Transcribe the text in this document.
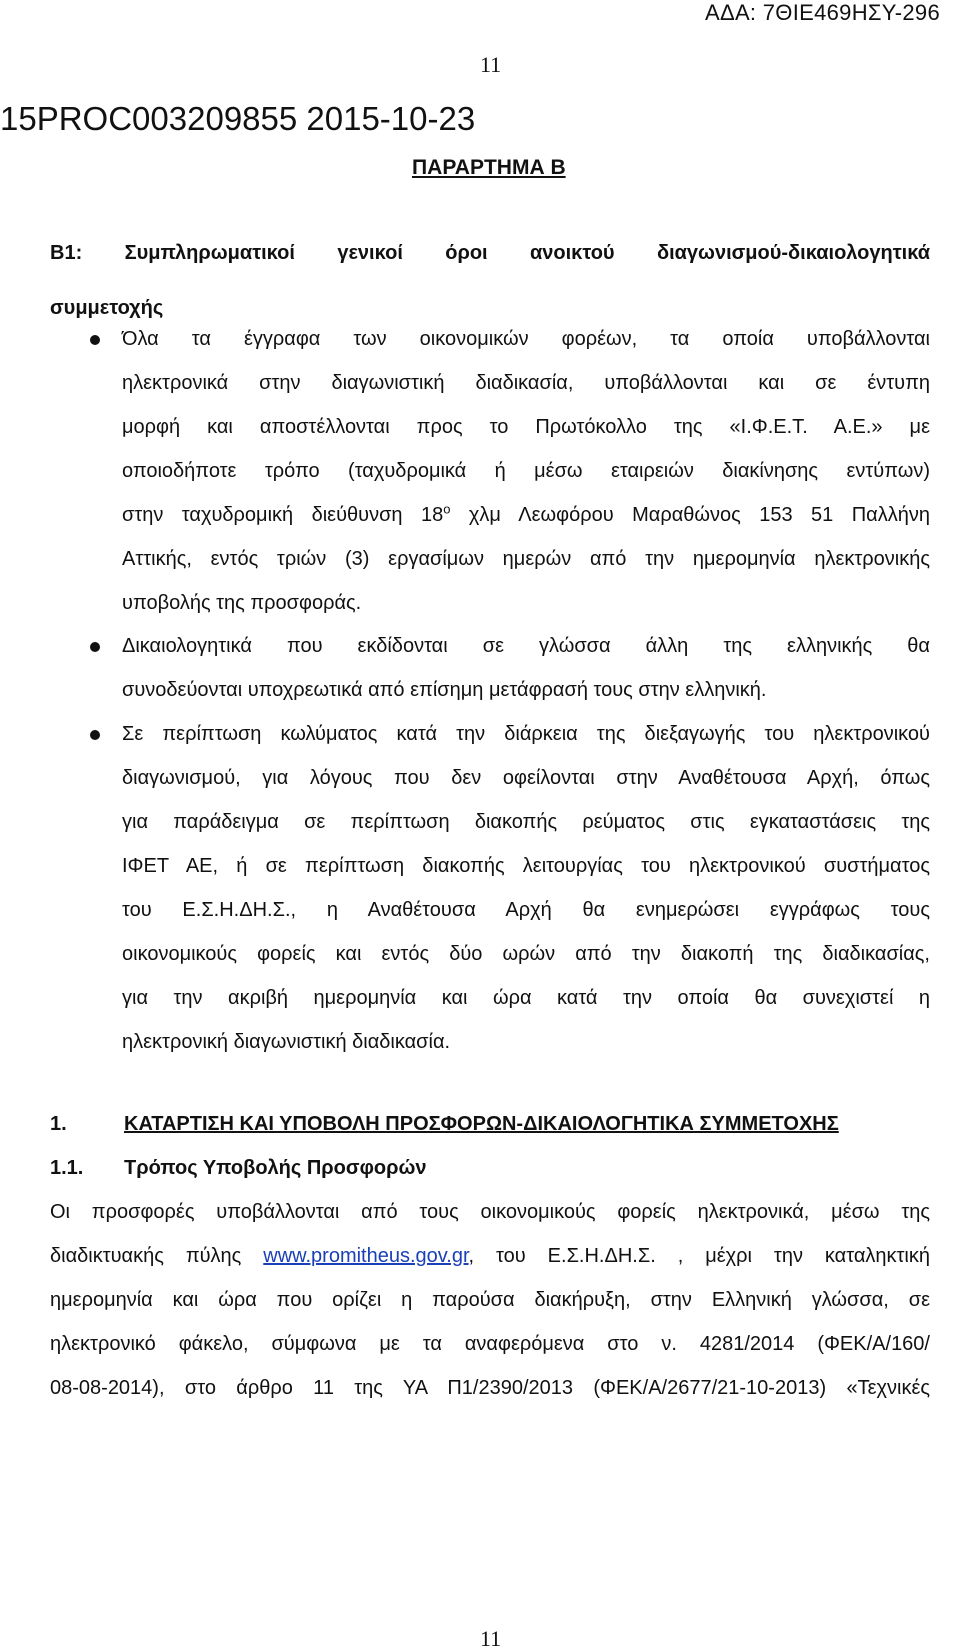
ΑΔΑ: 7ΘΙΕ469ΗΣΥ-296
11
15PROC003209855 2015-10-23
ΠΑΡΑΡΤΗΜΑ Β
Β1: Συμπληρωματικοί γενικοί όροι ανοικτού διαγωνισμού-δικαιολογητικά
συμμετοχής
Όλα τα έγγραφα των οικονομικών φορέων, τα οποία υποβάλλονται
ηλεκτρονικά στην διαγωνιστική διαδικασία, υποβάλλονται και σε έντυπη
μορφή και αποστέλλονται προς το Πρωτόκολλο της «Ι.Φ.Ε.Τ. Α.Ε.» με
οποιοδήποτε τρόπο (ταχυδρομικά ή μέσω εταιρειών διακίνησης εντύπων)
στην ταχυδρομική διεύθυνση $18^o$ χλμ Λεωφόρου Μαραθώνος 153 51 Παλλήνη
Αττικής, εντός τριών (3) εργασίμων ημερών από την ημερομηνία ηλεκτρονικής
υποβολής της προσφοράς.
Δικαιολογητικά που εκδίδονται σε γλώσσα άλλη της ελληνικής θα
συνοδεύονται υποχρεωτικά από επίσημη μετάφρασή τους στην ελληνική.
Σε περίπτωση κωλύματος κατά την διάρκεια της διεξαγωγής του ηλεκτρονικού
διαγωνισμού, για λόγους που δεν οφείλονται στην Αναθέτουσα Αρχή, όπως
για παράδειγμα σε περίπτωση διακοπής ρεύματος στις εγκαταστάσεις της
ΙΦΕΤ ΑΕ, ή σε περίπτωση διακοπής λειτουργίας του ηλεκτρονικού συστήματος
του Ε.Σ.Η.ΔΗ.Σ., η Αναθέτουσα Αρχή θα ενημερώσει εγγράφως τους
οικονομικούς φορείς και εντός δύο ωρών από την διακοπή της διαδικασίας,
για την ακριβή ημερομηνία και ώρα κατά την οποία θα συνεχιστεί η
ηλεκτρονική διαγωνιστική διαδικασία.
1.	ΚΑΤΑΡΤΙΣΗ ΚΑΙ ΥΠΟΒΟΛΗ ΠΡΟΣΦΟΡΩΝ-ΔΙΚΑΙΟΛΟΓΗΤΙΚΑ ΣΥΜΜΕΤΟΧΗΣ
1.1. Τρόπος Υποβολής Προσφορών
Οι προσφορές υποβάλλονται από τους οικονομικούς φορείς ηλεκτρονικά, μέσω της
διαδικτυακής πύλης www.promitheus.gov.gr, του Ε.Σ.Η.ΔΗ.Σ. , μέχρι την καταληκτική
ημερομηνία και ώρα που ορίζει η παρούσα διακήρυξη, στην Ελληνική γλώσσα, σε
ηλεκτρονικό φάκελο, σύμφωνα με τα αναφερόμενα στο ν. 4281/2014 (ΦΕΚ/Α/160/
08-08-2014), στο άρθρο 11 της ΥΑ Π1/2390/2013 (ΦΕΚ/Α/2677/21-10-2013) «Τεχνικές
11
